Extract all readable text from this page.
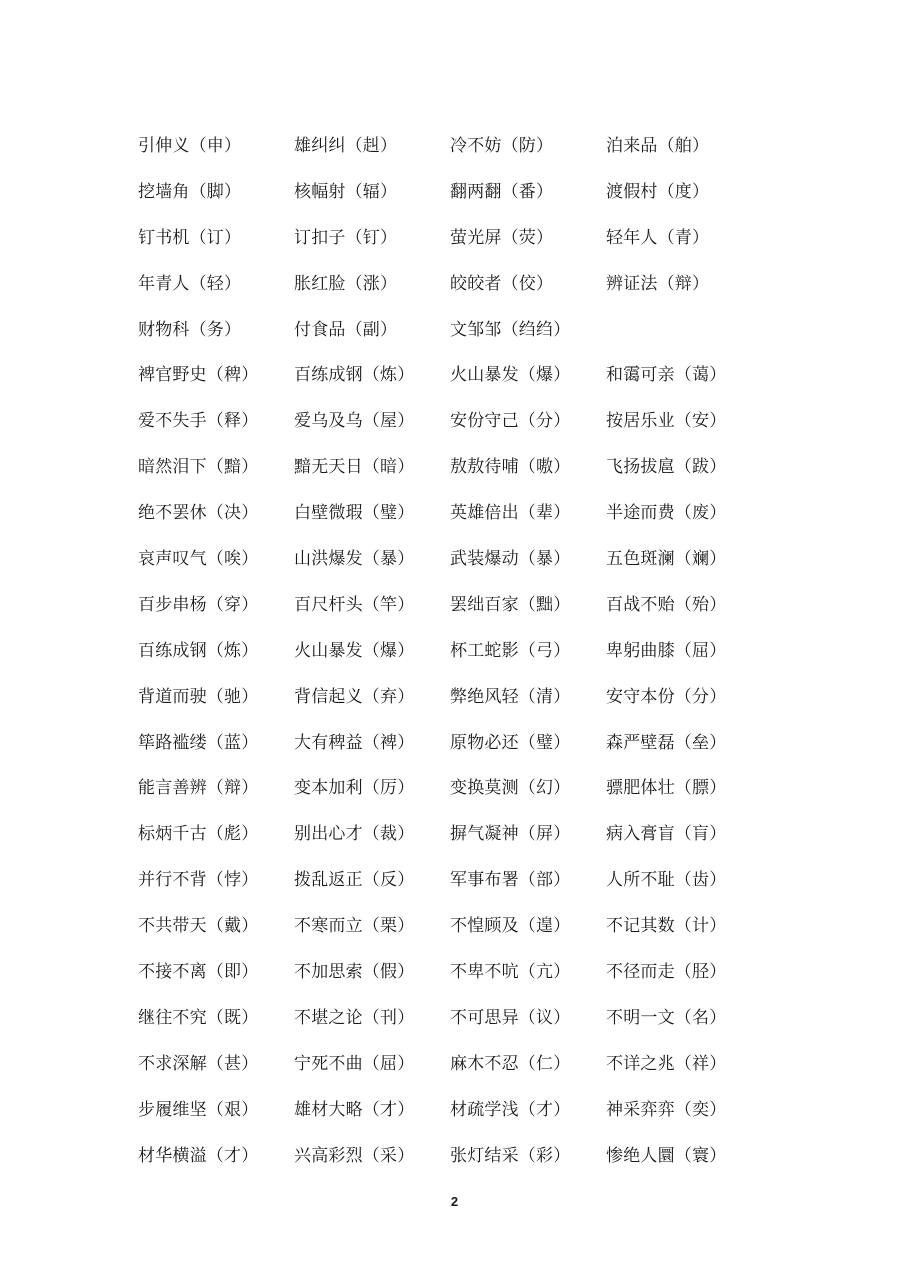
引伸义（申）	雄纠纠（赳）	冷不妨（防）	泊来品（舶）
挖墙角（脚）	核幅射（辐）	翻两翻（番）	渡假村（度）
钉书机（订）	订扣子（钉）	萤光屏（荧）	轻年人（青）
年青人（轻）	胀红脸（涨）	皎皎者（佼）	辨证法（辩）
财物科（务）	付食品（副）	文邹邹（绉绉）
裨官野史（稗）	百练成钢（炼）	火山暴发（爆）	和霭可亲（蔼）
爱不失手（释）	爱乌及乌（屋）	安份守己（分）	按居乐业（安）
暗然泪下（黯）	黯无天日（暗）	敖敖待哺（嗷）	飞扬拔扈（跋）
绝不罢休（决）	白壁微瑕（璧）	英雄倍出（辈）	半途而费（废）
哀声叹气（唉）	山洪爆发（暴）	武装爆动（暴）	五色斑澜（斓）
百步串杨（穿）	百尺杆头（竿）	罢绌百家（黜）	百战不贻（殆）
百练成钢（炼）	火山暴发（爆）	杯工蛇影（弓）	卑躬曲膝（屈）
背道而驶（驰）	背信起义（弃）	弊绝风轻（清）	安守本份（分）
筚路褴缕（蓝）	大有稗益（裨）	原物必还（璧）	森严壁磊（垒）
能言善辨（辩）	变本加利（厉）	变换莫测（幻）	骠肥体壮（膘）
标炳千古（彪）	别出心才（裁）	摒气凝神（屏）	病入膏盲（肓）
并行不背（悖）	拨乱返正（反）	军事布署（部）	人所不耻（齿）
不共带天（戴）	不寒而立（栗）	不惶顾及（遑）	不记其数（计）
不接不离（即）	不加思索（假）	不卑不吭（亢）	不径而走（胫）
继往不究（既）	不堪之论（刊）	不可思异（议）	不明一文（名）
不求深解（甚）	宁死不曲（屈）	麻木不忍（仁）	不详之兆（祥）
步履维坚（艰）	雄材大略（才）	材疏学浅（才）	神采弈弈（奕）
材华横溢（才）	兴高彩烈（采）	张灯结采（彩）	惨绝人圜（寰）
2
